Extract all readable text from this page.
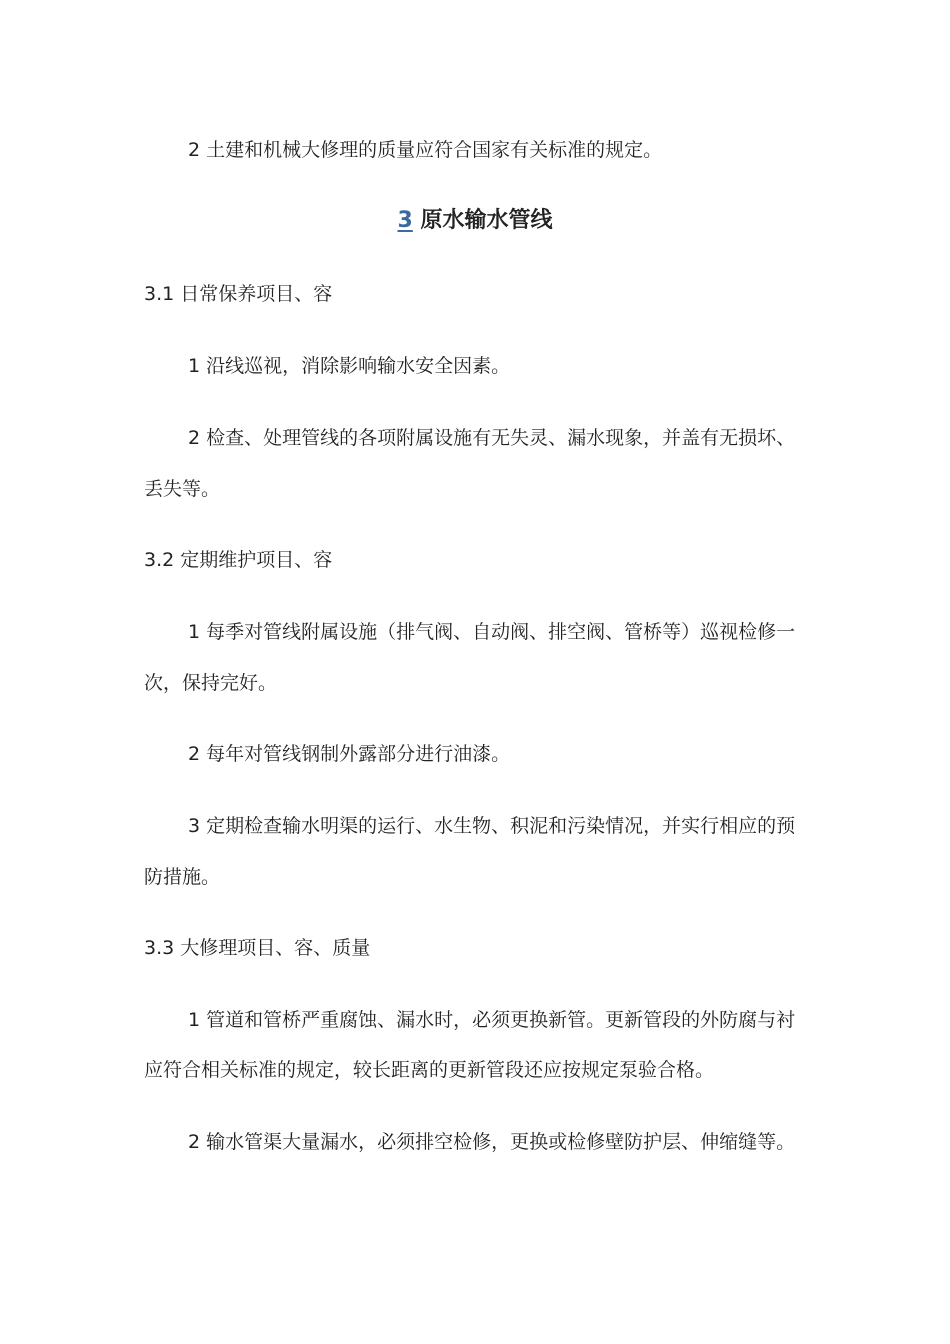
2 土建和机械大修理的质量应符合国家有关标准的规定。
3 原水输水管线
3.1 日常保养项目、容
1 沿线巡视，消除影响输水安全因素。
2 检查、处理管线的各项附属设施有无失灵、漏水现象，并盖有无损坏、
丢失等。
3.2 定期维护项目、容
1 每季对管线附属设施（排气阀、自动阀、排空阀、管桥等）巡视检修一
次，保持完好。
2 每年对管线钢制外露部分进行油漆。
3 定期检查输水明渠的运行、水生物、积泥和污染情况，并实行相应的预
防措施。
3.3 大修理项目、容、质量
1 管道和管桥严重腐蚀、漏水时，必须更换新管。更新管段的外防腐与衬
应符合相关标准的规定，较长距离的更新管段还应按规定泵验合格。
2 输水管渠大量漏水，必须排空检修，更换或检修壁防护层、伸缩缝等。
